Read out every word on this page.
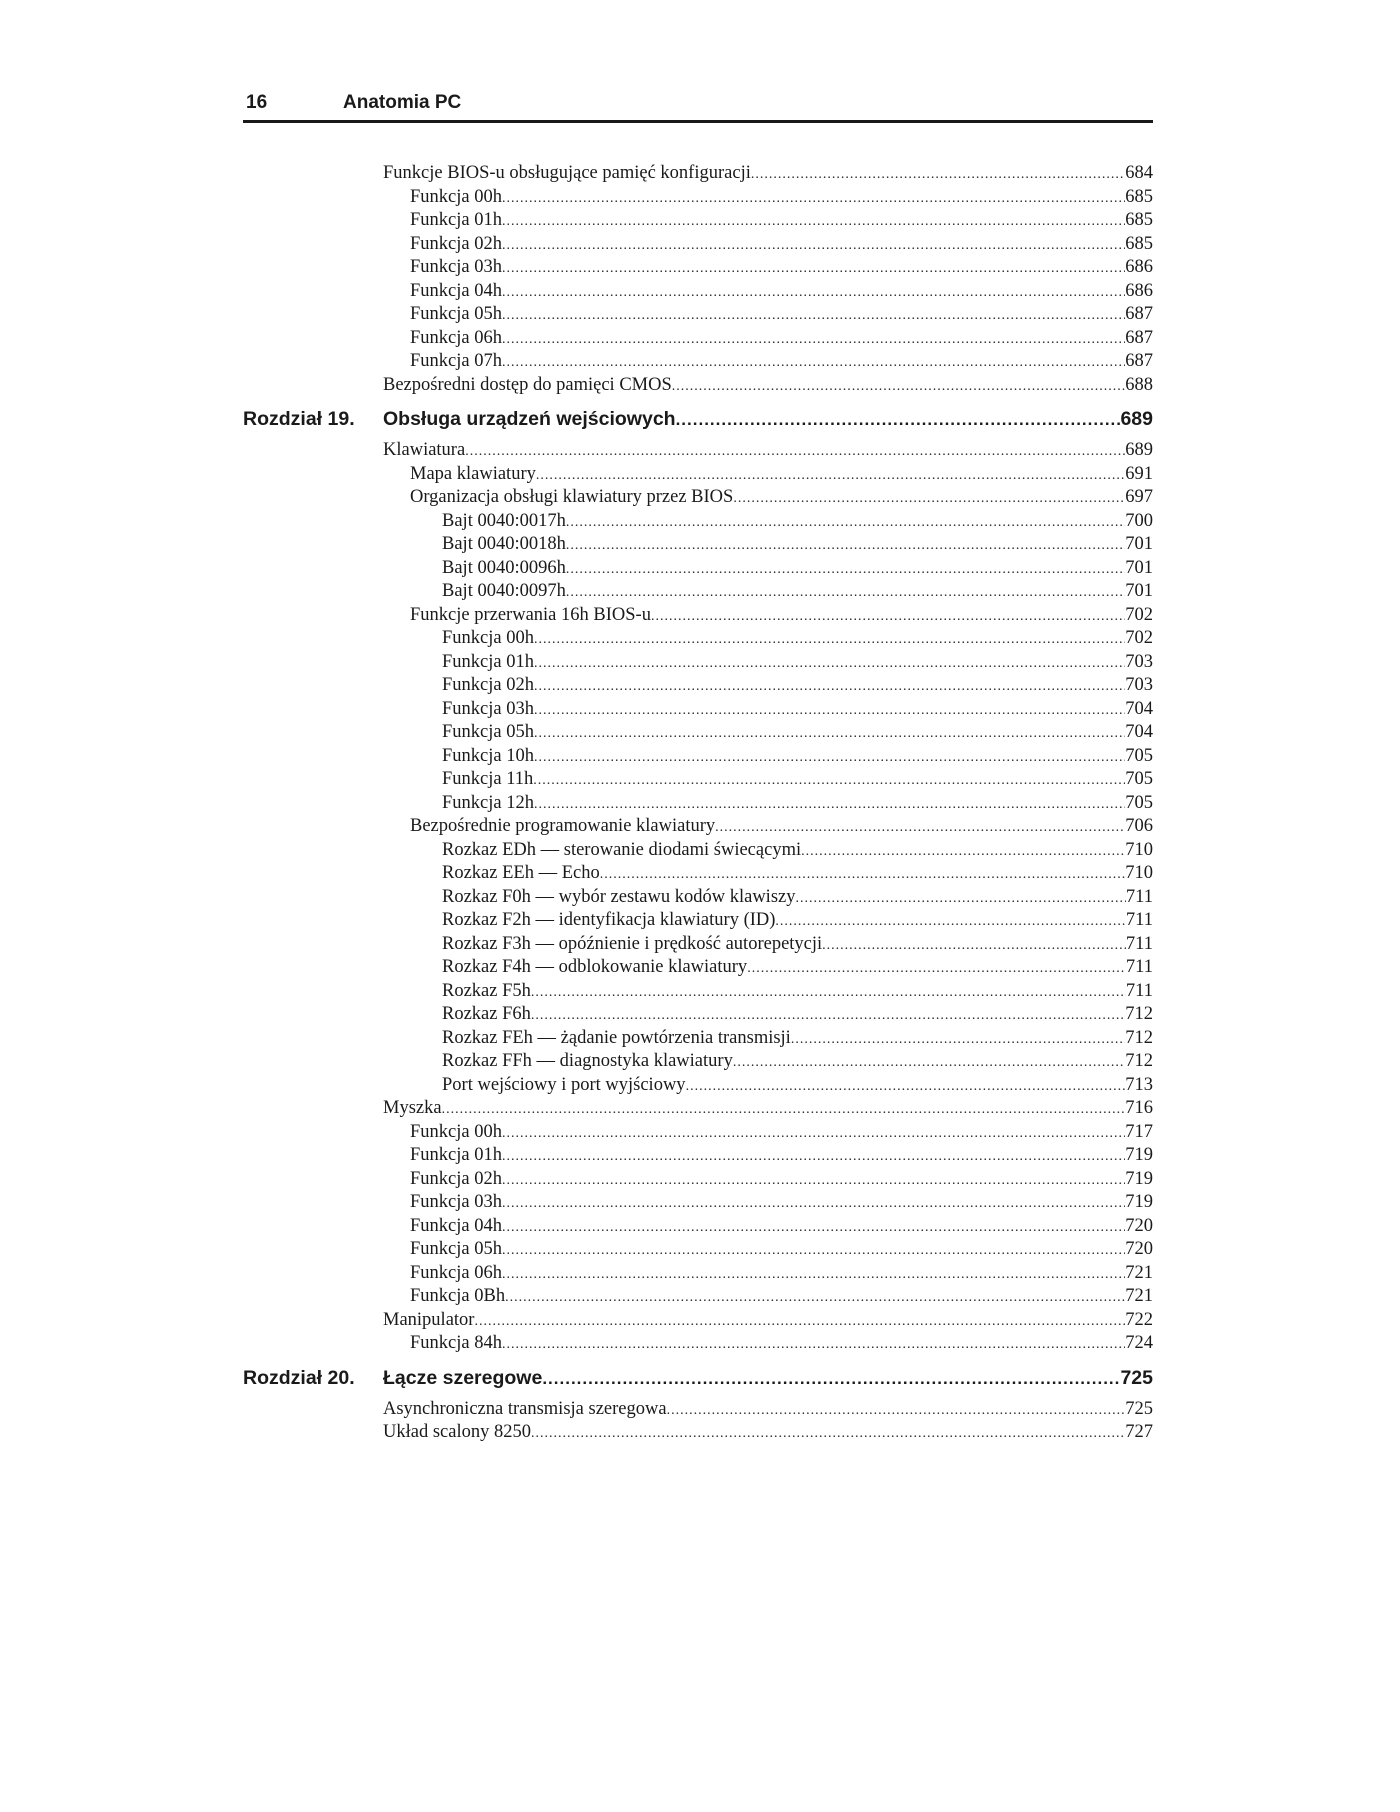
16	Anatomia PC
Funkcje BIOS-u obsługujące pamięć konfiguracji .....	684
Funkcja 00h .....	685
Funkcja 01h .....	685
Funkcja 02h .....	685
Funkcja 03h .....	686
Funkcja 04h .....	686
Funkcja 05h .....	687
Funkcja 06h .....	687
Funkcja 07h .....	687
Bezpośredni dostęp do pamięci CMOS .....	688
Rozdział 19.	Obsługa urządzeń wejściowych .....	689
Klawiatura .....	689
Mapa klawiatury .....	691
Organizacja obsługi klawiatury przez BIOS .....	697
Bajt 0040:0017h .....	700
Bajt 0040:0018h .....	701
Bajt 0040:0096h .....	701
Bajt 0040:0097h .....	701
Funkcje przerwania 16h BIOS-u .....	702
Funkcja 00h .....	702
Funkcja 01h .....	703
Funkcja 02h .....	703
Funkcja 03h .....	704
Funkcja 05h .....	704
Funkcja 10h .....	705
Funkcja 11h .....	705
Funkcja 12h .....	705
Bezpośrednie programowanie klawiatury .....	706
Rozkaz EDh — sterowanie diodami świecącymi .....	710
Rozkaz EEh — Echo .....	710
Rozkaz F0h — wybór zestawu kodów klawiszy .....	711
Rozkaz F2h — identyfikacja klawiatury (ID) .....	711
Rozkaz F3h — opóźnienie i prędkość autorepetycji .....	711
Rozkaz F4h — odblokowanie klawiatury .....	711
Rozkaz F5h .....	711
Rozkaz F6h .....	712
Rozkaz FEh — żądanie powtórzenia transmisji .....	712
Rozkaz FFh — diagnostyka klawiatury .....	712
Port wejściowy i port wyjściowy .....	713
Myszka .....	716
Funkcja 00h .....	717
Funkcja 01h .....	719
Funkcja 02h .....	719
Funkcja 03h .....	719
Funkcja 04h .....	720
Funkcja 05h .....	720
Funkcja 06h .....	721
Funkcja 0Bh .....	721
Manipulator .....	722
Funkcja 84h .....	724
Rozdział 20.	Łącze szeregowe .....	725
Asynchroniczna transmisja szeregowa .....	725
Układ scalony 8250 .....	727
